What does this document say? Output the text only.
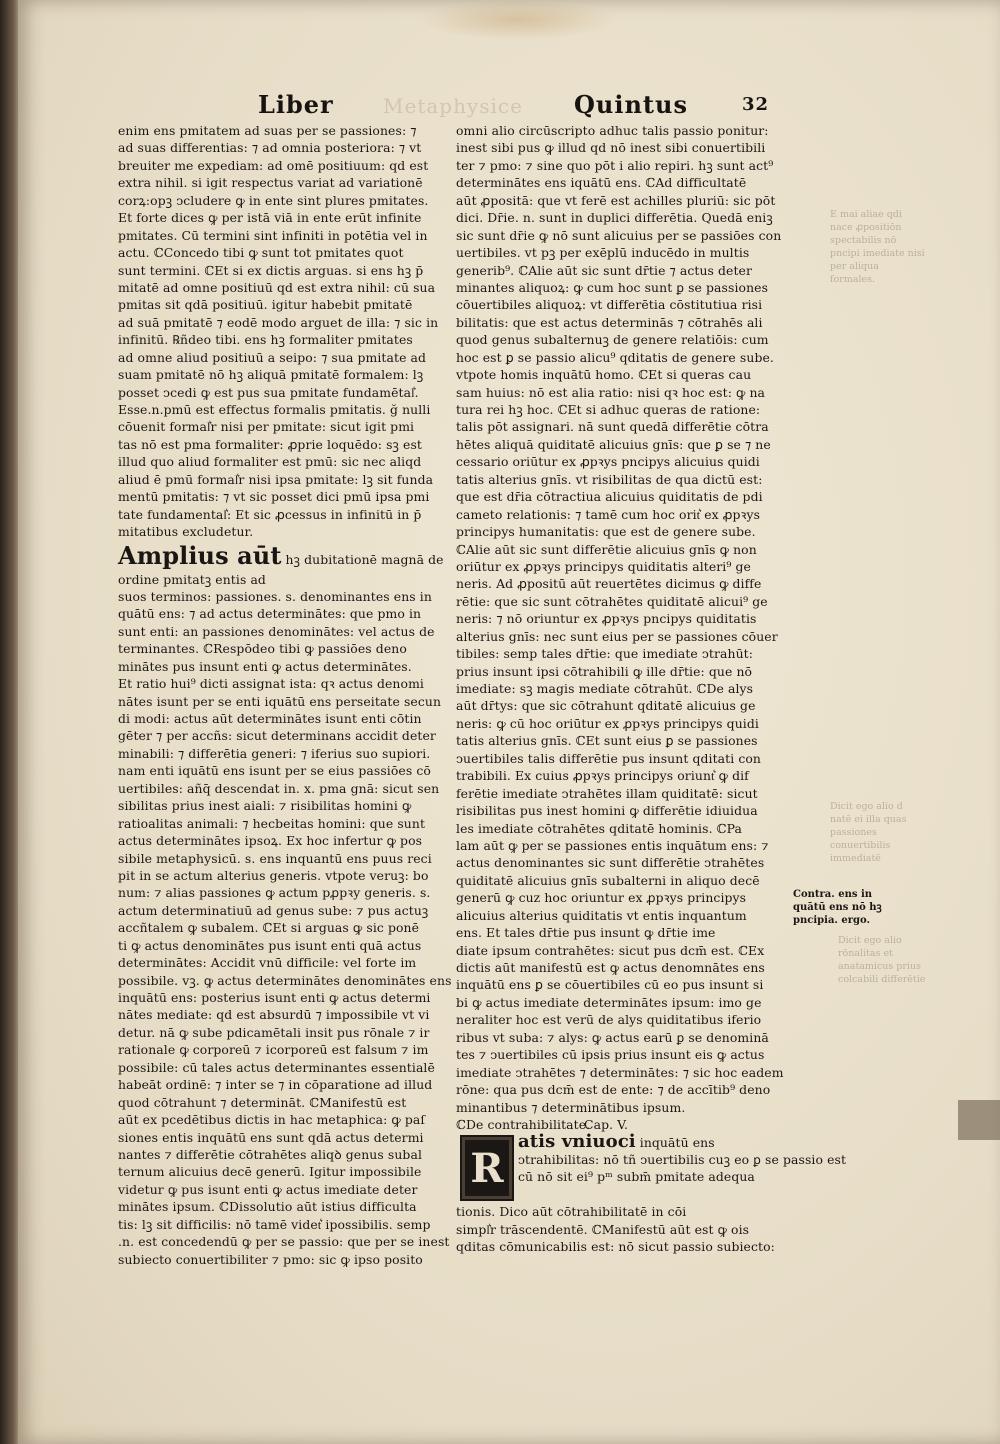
Liber Metaphysice Quintus	32
enim ens pmitatem ad suas per se passiones: ⁊
ad suas differentias: ⁊ ad omnia posteriora: ⁊ vt
breuiter me expediam: ad omē positiuum: qd est
extra nihil. si igit respectus variat ad variationē
corꝝ:opꝫ ↄcludere ꝙ in ente sint plures pmitates.
Et forte dices ꝙ per istā viā in ente erūt infinite
pmitates. Cū termini sint infiniti in potētia vel in
actu. ℂConcedo tibi ꝙ sunt tot pmitates quot
sunt termini. ℂEt si ex dictis arguas. si ens hꝫ p̄
mitatē ad omne positiuū qd est extra nihil: cū sua
pmitas sit qdā positiuū. igitur habebit pmitatē
ad suā pmitatē ⁊ eodē modo arguet de illa: ⁊ sic in
infinitū. ℞ñdeo tibi. ens hꝫ formaliter pmitates
ad omne aliud positiuū a seipo: ⁊ sua pmitate ad
suam pmitatē nō hꝫ aliquā pmitatē formalem: lꝫ
posset ↄcedi ꝙ est pus sua pmitate fundamētal͛.
Esse.n.pmū est effectus formalis pmitatis. ğ nulli
cōuenit formal͛r nisi per pmitate: sicut igit pmi
tas nō est pma formaliter: ꝓprie loquēdo: sꝫ est
illud quo aliud formaliter est pmū: sic nec aliqd
aliud ē pmū formal͛r nisi ipsa pmitate: lꝫ sit funda
mentū pmitatis: ⁊ vt sic posset dici pmū ipsa pmi
tate fundamental͛: Et sic ꝓcessus in infinitū in p̄
mitatibus excludetur.
Amplius aūt hꝫ dubitationē magnā de
ordine pmitatꝫ entis ad
suos terminos: passiones. s. denominantes ens in
quātū ens: ⁊ ad actus determinātes: que pmo in
sunt enti: an passiones denominātes: vel actus de
terminantes. ℂRespōdeo tibi ꝙ passiōes deno
minātes pus insunt enti ꝙ actus determinātes.
Et ratio hui⁹ dicti assignat ista: qꝛ actus denomi
nātes isunt per se enti iquātū ens perseitate secun
di modi: actus aūt determinātes isunt enti cōtin
gēter ⁊ per accñs: sicut determinans accidit deter
minabili: ⁊ differētia generi: ⁊ iferius suo supiori.
nam enti iquātū ens isunt per se eius passiōes cō
uertibiles: añq̄ descendat in. x. pma gnā: sicut sen
sibilitas prius inest aiali: ⁊ risibilitas homini ꝙ
ratioalitas animali: ⁊ hecbeitas homini: que sunt
actus determinātes ipsoꝝ. Ex hoc infertur ꝙ pos
sibile metaphysicū. s. ens inquantū ens puus reci
pit in se actum alterius generis. vtpote veruꝫ: bo
num: ⁊ alias passiones ꝙ actum pꝓpꝛy generis. s.
actum determinatiuū ad genus sube: ⁊ pus actuꝫ
accñtalem ꝙ subalem. ℂEt si arguas ꝙ sic ponē
ti ꝙ actus denominātes pus isunt enti quā actus
determinātes: Accidit vnū difficile: vel forte im
possibile. vꝫ. ꝙ actus determinātes denominātes ens
inquātū ens: posterius isunt enti ꝙ actus determi
nātes mediate: qd est absurdū ⁊ impossibile vt vi
detur. nā ꝙ sube pdicamētali insit pus rōnale ⁊ ir
rationale ꝙ corporeū ⁊ icorporeū est falsum ⁊ im
possibile: cū tales actus determinantes essentialē
habeāt ordinē: ⁊ inter se ⁊ in cōparatione ad illud
quod cōtrahunt ⁊ determināt. ℂManifestū est
aūt ex pcedētibus dictis in hac metaphica: ꝙ paſ
siones entis inquātū ens sunt qdā actus determi
nantes ⁊ differētie cōtrahētes aliqꝺ genus subal
ternum alicuius decē generū. Igitur impossibile
videtur ꝙ pus isunt enti ꝙ actus imediate deter
minātes ipsum. ℂDissolutio aūt istius difficulta
tis: lꝫ sit difficilis: nō tamē videt͛ ipossibilis. semp
.n. est concedendū ꝙ per se passio: que per se inest
subiecto conuertibiliter ⁊ pmo: sic ꝙ ipso posito
omni alio circūscripto adhuc talis passio ponitur:
inest sibi pus ꝙ illud qd nō inest sibi conuertibili
ter ⁊ pmo: ⁊ sine quo pōt i alio repiri. hꝫ sunt act⁹
determinātes ens iquātū ens. ℂAd difficultatē
aūt ꝓpositā: que vt ferē est achilles pluriū: sic pōt
dici. Dr̄ie. n. sunt in duplici differētia. Quedā eniꝫ
sic sunt dr̄ie ꝙ nō sunt alicuius per se passiōes con
uertibiles. vt pꝫ per exēplū inducēdo in multis
generib⁹. ℂAlie aūt sic sunt dr̄tie ⁊ actus deter
minantes aliquoꝝ: ꝙ cum hoc sunt ꝑ se passiones
cōuertibiles aliquoꝝ: vt differētia cōstitutiua risi
bilitatis: que est actus determinās ⁊ cōtrahēs ali
quod genus subalternuꝫ de genere relatiōis: cum
hoc est ꝑ se passio alicu⁹ qditatis de genere sube.
vtpote homis inquātū homo. ℂEt si queras cau
sam huius: nō est alia ratio: nisi qꝛ hoc est: ꝙ na
tura rei hꝫ hoc. ℂEt si adhuc queras de ratione:
talis pōt assignari. nā sunt quedā differētie cōtra
hētes aliquā quiditatē alicuius gnīs: que ꝑ se ⁊ ne
cessario oriūtur ex ꝓpꝛys pncipys alicuius quidi
tatis alterius gnīs. vt risibilitas de qua dictū est:
que est dr̄ia cōtractiua alicuius quiditatis de pdi
cameto relationis: ⁊ tamē cum hoc orit͛ ex ꝓpꝛys
principys humanitatis: que est de genere sube.
ℂAlie aūt sic sunt differētie alicuius gnīs ꝙ non
oriūtur ex ꝓpꝛys principys quiditatis alteri⁹ ge
neris. Ad ꝓpositū aūt reuertētes dicimus ꝙ diffe
rētie: que sic sunt cōtrahētes quiditatē alicui⁹ ge
neris: ⁊ nō oriuntur ex ꝓpꝛys pncipys quiditatis
alterius gnīs: nec sunt eius per se passiones cōuer
tibiles: semp tales dr̄tie: que imediate ↄtrahūt:
prius insunt ipsi cōtrahibili ꝙ ille dr̄tie: que nō
imediate: sꝫ magis mediate cōtrahūt. ℂDe alys
aūt dr̄tys: que sic cōtrahunt qditatē alicuius ge
neris: ꝙ cū hoc oriūtur ex ꝓpꝛys principys quidi
tatis alterius gnīs. ℂEt sunt eius ꝑ se passiones
ↄuertibiles talis differētie pus insunt qditati con
trabibili. Ex cuius ꝓpꝛys principys oriunt͛ ꝙ dif
ferētie imediate ↄtrahētes illam quiditatē: sicut
risibilitas pus inest homini ꝙ differētie idiuidua
les imediate cōtrahētes qditatē hominis. ℂPa
lam aūt ꝙ per se passiones entis inquātum ens: ⁊
actus denominantes sic sunt differētie ↄtrahētes
quiditatē alicuius gnīs subalterni in aliquo decē
generū ꝙ cuz hoc oriuntur ex ꝓpꝛys principys
alicuius alterius quiditatis vt entis inquantum
ens. Et tales dr̄tie pus insunt ꝙ dr̄tie ime
diate ipsum contrahētes: sicut pus dcm̄ est. ℂEx
dictis aūt manifestū est ꝙ actus denomnātes ens
inquātū ens ꝑ se cōuertibiles cū eo pus insunt si
bi ꝙ actus imediate determinātes ipsum: imo ge
neraliter hoc est verū de alys quiditatibus iferio
ribus vt suba: ⁊ alys: ꝙ actus earū ꝑ se denominā
tes ⁊ ↄuertibiles cū ipsis prius insunt eis ꝙ actus
imediate ↄtrahētes ⁊ determinātes: ⁊ sic hoc eadem
rōne: qua pus dcm̄ est de ente: ⁊ de accītib⁹ deno
minantibus ⁊ determinātibus ipsum.
ℂDe contrahibilitate.
Cap. V.
R
atis vniuoci inquātū ens
ↄtrahibilitas: nō tñ ↄuertibilis cuꝫ eo ꝑ se passio est
cū nō sit ei⁹ pᵐ subm̄ pmitate adequa
tionis. Dico aūt cōtrahibilitatē in cōi
simpl͛r trāscendentē. ℂManifestū aūt est ꝙ ois
qditas cōmunicabilis est: nō sicut passio subiecto:
Contra. ens in quātū ens nō hꝫ pncipia. ergo.
E mai aliae qdi nace ꝓpositiōn spectabilis nō pncipi imediate nisi per aliqua formales.
Dicit ego alio d natē ei illa quas passiones conuertibilis immediatē
Dicit ego alio rōnalitas et anatamicus prius colcabili differētie
